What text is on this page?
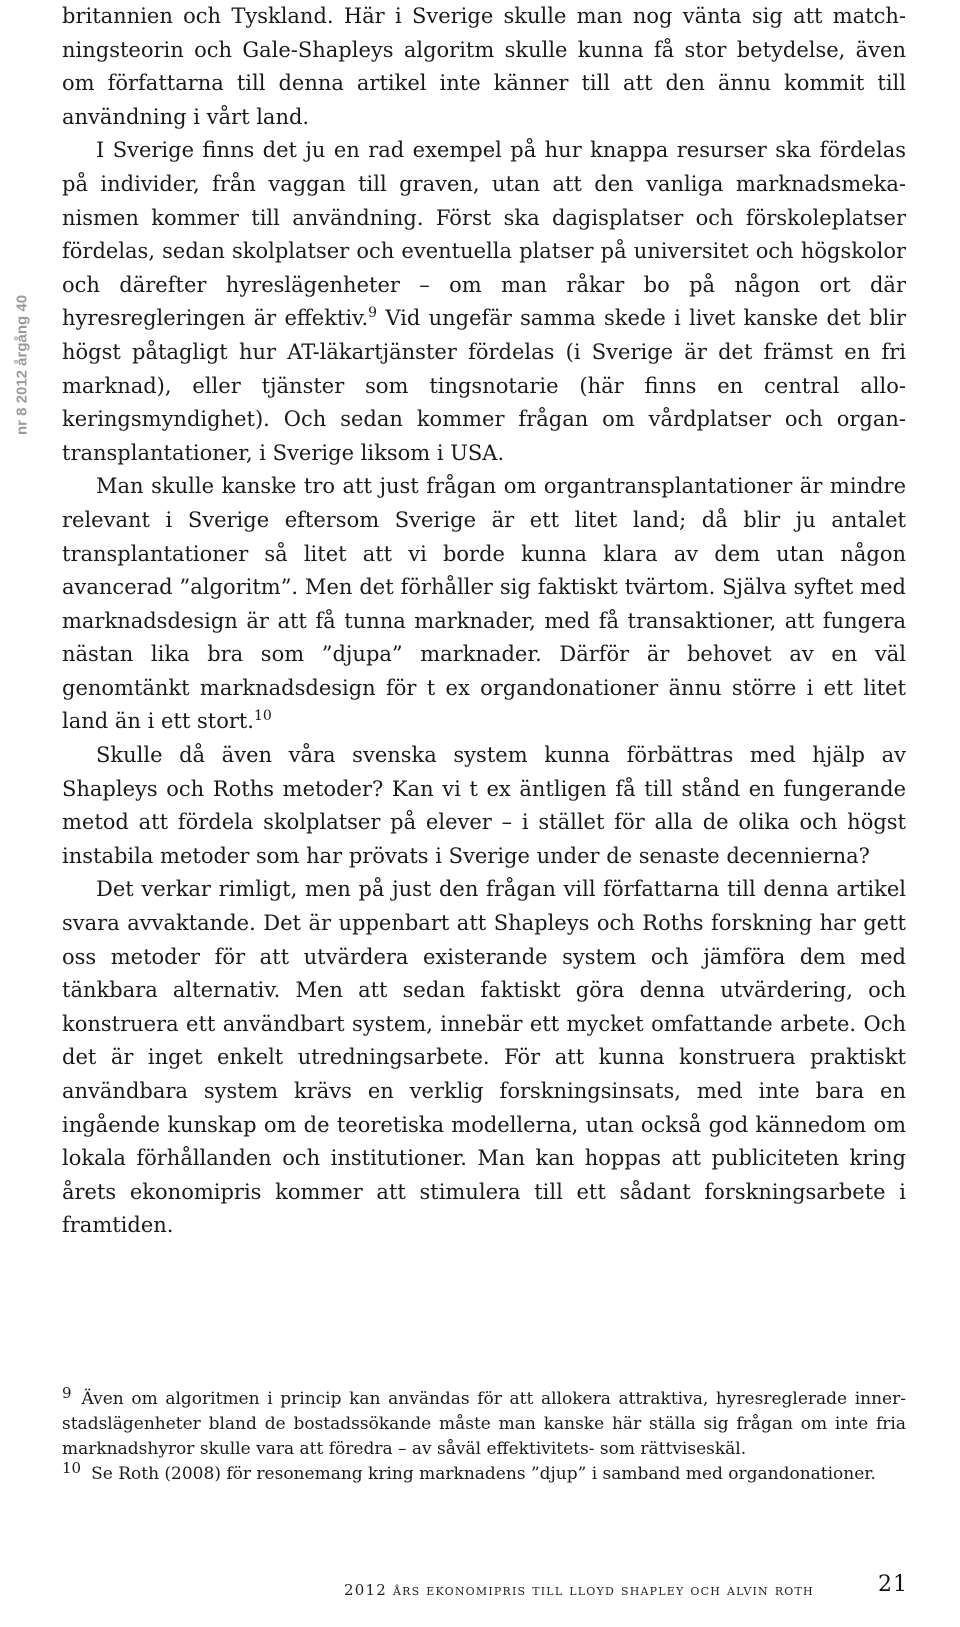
nr 8 2012 årgång 40

britannien och Tyskland. Här i Sverige skulle man nog vänta sig att matchningsteorin och Gale-Shapleys algoritm skulle kunna få stor betydelse, även om författarna till denna artikel inte känner till att den ännu kommit till användning i vårt land.

I Sverige finns det ju en rad exempel på hur knappa resurser ska fördelas på individer, från vaggan till graven, utan att den vanliga marknadsmekanismen kommer till användning. Först ska dagisplatser och förskoleplatser fördelas, sedan skolplatser och eventuella platser på universitet och högskolor och därefter hyreslägenheter – om man råkar bo på någon ort där hyresregleringen är effektiv.$^9$ Vid ungefär samma skede i livet kanske det blir högst påtagligt hur AT-läkartjänster fördelas (i Sverige är det främst en fri marknad), eller tjänster som tingsnotarie (här finns en central allokeringsmyndighet). Och sedan kommer frågan om vårdplatser och organtransplantationer, i Sverige liksom i USA.

Man skulle kanske tro att just frågan om organtransplantationer är mindre relevant i Sverige eftersom Sverige är ett litet land; då blir ju antalet transplantationer så litet att vi borde kunna klara av dem utan någon avancerad ”algoritm”. Men det förhåller sig faktiskt tvärtom. Själva syftet med marknadsdesign är att få tunna marknader, med få transaktioner, att fungera nästan lika bra som ”djupa” marknader. Därför är behovet av en väl genomtänkt marknadsdesign för t ex organdonationer ännu större i ett litet land än i ett stort.$^{10}$

Skulle då även våra svenska system kunna förbättras med hjälp av Shapleys och Roths metoder? Kan vi t ex äntligen få till stånd en fungerande metod att fördela skolplatser på elever – i stället för alla de olika och högst instabila metoder som har prövats i Sverige under de senaste decennierna?

Det verkar rimligt, men på just den frågan vill författarna till denna artikel svara avvaktande. Det är uppenbart att Shapleys och Roths forskning har gett oss metoder för att utvärdera existerande system och jämföra dem med tänkbara alternativ. Men att sedan faktiskt göra denna utvärdering, och konstruera ett användbart system, innebär ett mycket omfattande arbete. Och det är inget enkelt utredningsarbete. För att kunna konstruera praktiskt användbara system krävs en verklig forskningsinsats, med inte bara en ingående kunskap om de teoretiska modellerna, utan också god kännedom om lokala förhållanden och institutioner. Man kan hoppas att publiciteten kring årets ekonomipris kommer att stimulera till ett sådant forskningsarbete i framtiden.

9 Även om algoritmen i princip kan användas för att allokera attraktiva, hyresreglerade innerstadslägenheter bland de bostadssökande måste man kanske här ställa sig frågan om inte fria marknadshyror skulle vara att föredra – av såväl effektivitets- som rättviseskäl.

10 Se Roth (2008) för resonemang kring marknadens ”djup” i samband med organdonationer.

2012 års ekonomipris till lloyd shapley och alvin roth	21
